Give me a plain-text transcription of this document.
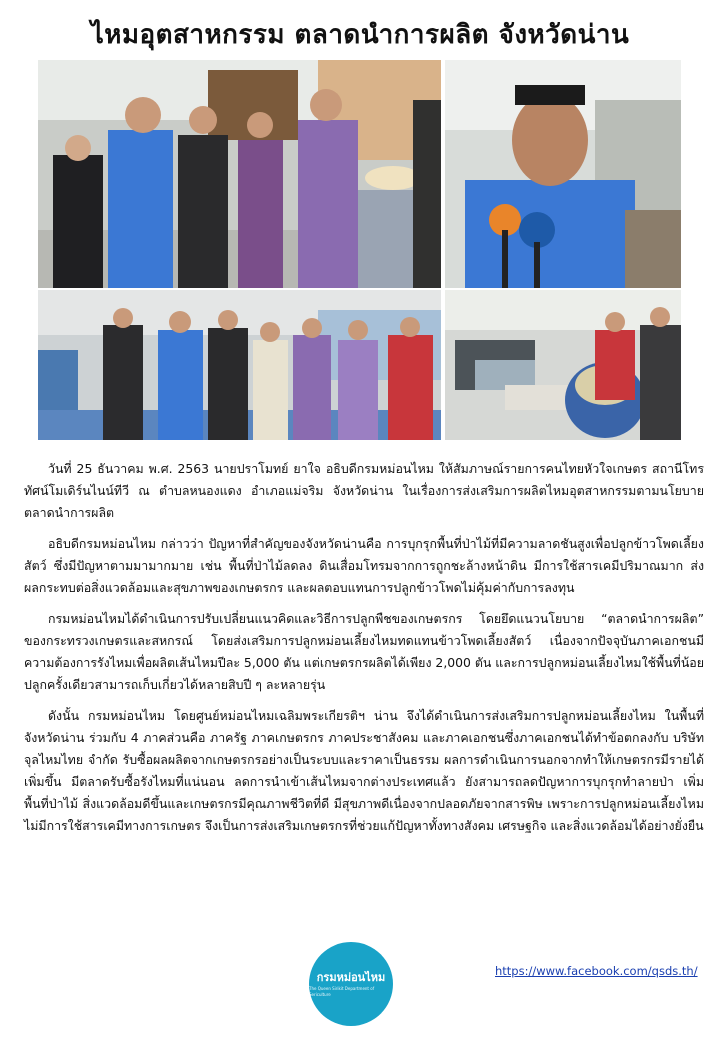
ไหมอุตสาหกรรม ตลาดนำการผลิต จังหวัดน่าน

วันที่ 25 ธันวาคม พ.ศ. 2563 นายปราโมทย์ ยาใจ อธิบดีกรมหม่อนไหม ให้สัมภาษณ์รายการคนไทยหัวใจเกษตร สถานีโทรทัศน์โมเดิร์นไนน์ทีวี ณ ตำบลหนองแดง อำเภอแม่จริม จังหวัดน่าน ในเรื่องการส่งเสริมการผลิตไหมอุตสาหกรรมตามนโยบายตลาดนำการผลิต

อธิบดีกรมหม่อนไหม กล่าวว่า ปัญหาที่สำคัญของจังหวัดน่านคือ การบุกรุกพื้นที่ป่าไม้ที่มีความลาดชันสูงเพื่อปลูกข้าวโพดเลี้ยงสัตว์ ซึ่งมีปัญหาตามมามากมาย เช่น พื้นที่ป่าไม้ลดลง ดินเสื่อมโทรมจากการถูกชะล้างหน้าดิน มีการใช้สารเคมีปริมาณมาก ส่งผลกระทบต่อสิ่งแวดล้อมและสุขภาพของเกษตรกร และผลตอบแทนการปลูกข้าวโพดไม่คุ้มค่ากับการลงทุน

กรมหม่อนไหมได้ดำเนินการปรับเปลี่ยนแนวคิดและวิธีการปลูกพืชของเกษตรกร โดยยึดแนวนโยบาย “ตลาดนำการผลิต” ของกระทรวงเกษตรและสหกรณ์ โดยส่งเสริมการปลูกหม่อนเลี้ยงไหมทดแทนข้าวโพดเลี้ยงสัตว์ เนื่องจากปัจจุบันภาคเอกชนมีความต้องการรังไหมเพื่อผลิตเส้นไหมปีละ 5,000 ตัน แต่เกษตรกรผลิตได้เพียง 2,000 ตัน และการปลูกหม่อนเลี้ยงไหมใช้พื้นที่น้อย ปลูกครั้งเดียวสามารถเก็บเกี่ยวได้หลายสิบปี ๆ ละหลายรุ่น

ดังนั้น กรมหม่อนไหม โดยศูนย์หม่อนไหมเฉลิมพระเกียรติฯ น่าน จึงได้ดำเนินการส่งเสริมการปลูกหม่อนเลี้ยงไหม ในพื้นที่จังหวัดน่าน ร่วมกับ 4 ภาคส่วนคือ ภาครัฐ ภาคเกษตรกร ภาคประชาสังคม และภาคเอกชนซึ่งภาคเอกชนได้ทำข้อตกลงกับ บริษัท จุลไหมไทย จำกัด รับซื้อผลผลิตจากเกษตรกรอย่างเป็นระบบและราคาเป็นธรรม ผลการดำเนินการนอกจากทำให้เกษตรกรมีรายได้เพิ่มขึ้น มีตลาดรับซื้อรังไหมที่แน่นอน ลดการนำเข้าเส้นไหมจากต่างประเทศแล้ว ยังสามารถลดปัญหาการบุกรุกทำลายป่า เพิ่มพื้นที่ป่าไม้ สิ่งแวดล้อมดีขึ้นและเกษตรกรมีคุณภาพชีวิตที่ดี มีสุขภาพดีเนื่องจากปลอดภัยจากสารพิษ เพราะการปลูกหม่อนเลี้ยงไหม ไม่มีการใช้สารเคมีทางการเกษตร จึงเป็นการส่งเสริมเกษตรกรที่ช่วยแก้ปัญหาทั้งทางสังคม เศรษฐกิจ และสิ่งแวดล้อมได้อย่างยั่งยืน

กรมหม่อนไหม
The Queen Sirikit Department of Sericulture
https://www.facebook.com/qsds.th/
